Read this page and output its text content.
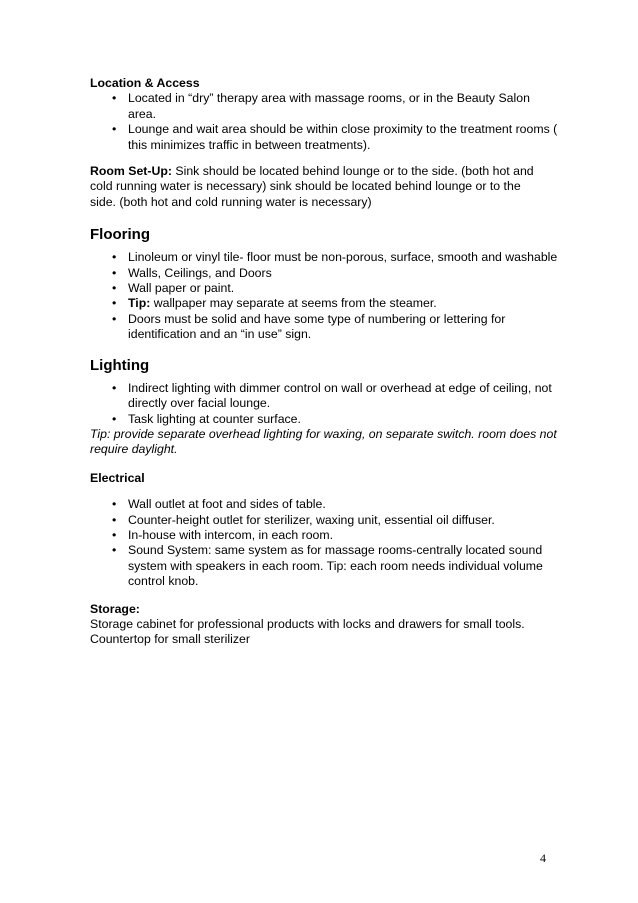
Location & Access
• Located in “dry” therapy area with massage rooms, or in the Beauty Salon area.
• Lounge and wait area should be within close proximity to the treatment rooms ( this minimizes traffic in between treatments).
Room Set-Up: Sink should be located behind lounge or to the side. (both hot and cold running water is necessary) sink should be located behind lounge or to the side. (both hot and cold running water is necessary)
Flooring
• Linoleum or vinyl tile- floor must be non-porous, surface, smooth and washable
• Walls, Ceilings, and Doors
• Wall paper or paint.
• Tip: wallpaper may separate at seems from the steamer.
• Doors must be solid and have some type of numbering or lettering for identification and an “in use” sign.
Lighting
• Indirect lighting with dimmer control on wall or overhead at edge of ceiling, not directly over facial lounge.
• Task lighting at counter surface.
Tip: provide separate overhead lighting for waxing, on separate switch. room does not require daylight.
Electrical
• Wall outlet at foot and sides of table.
• Counter-height outlet for sterilizer, waxing unit, essential oil diffuser.
• In-house with intercom, in each room.
• Sound System: same system as for massage rooms-centrally located sound system with speakers in each room. Tip: each room needs individual volume control knob.
Storage:
Storage cabinet for professional products with locks and drawers for small tools.
Countertop for small sterilizer
4
